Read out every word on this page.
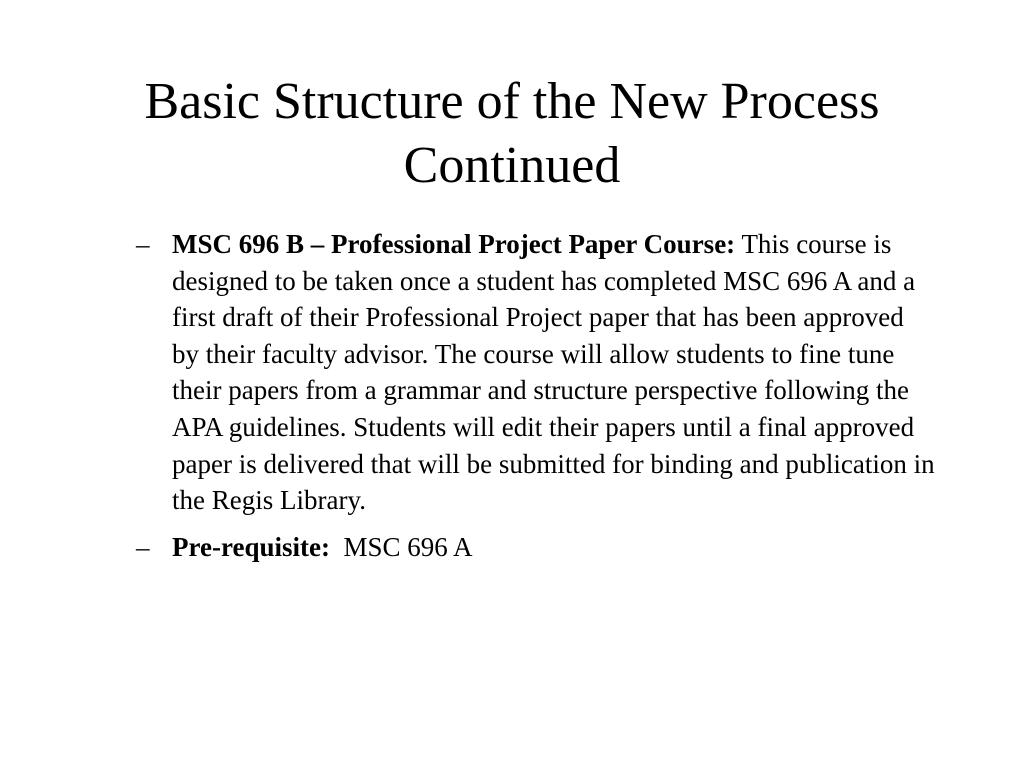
Basic Structure of the New Process
Continued
– MSC 696 B – Professional Project Paper Course: This course is designed to be taken once a student has completed MSC 696 A and a first draft of their Professional Project paper that has been approved by their faculty advisor. The course will allow students to fine tune their papers from a grammar and structure perspective following the APA guidelines. Students will edit their papers until a final approved paper is delivered that will be submitted for binding and publication in the Regis Library.
– Pre-requisite: MSC 696 A
